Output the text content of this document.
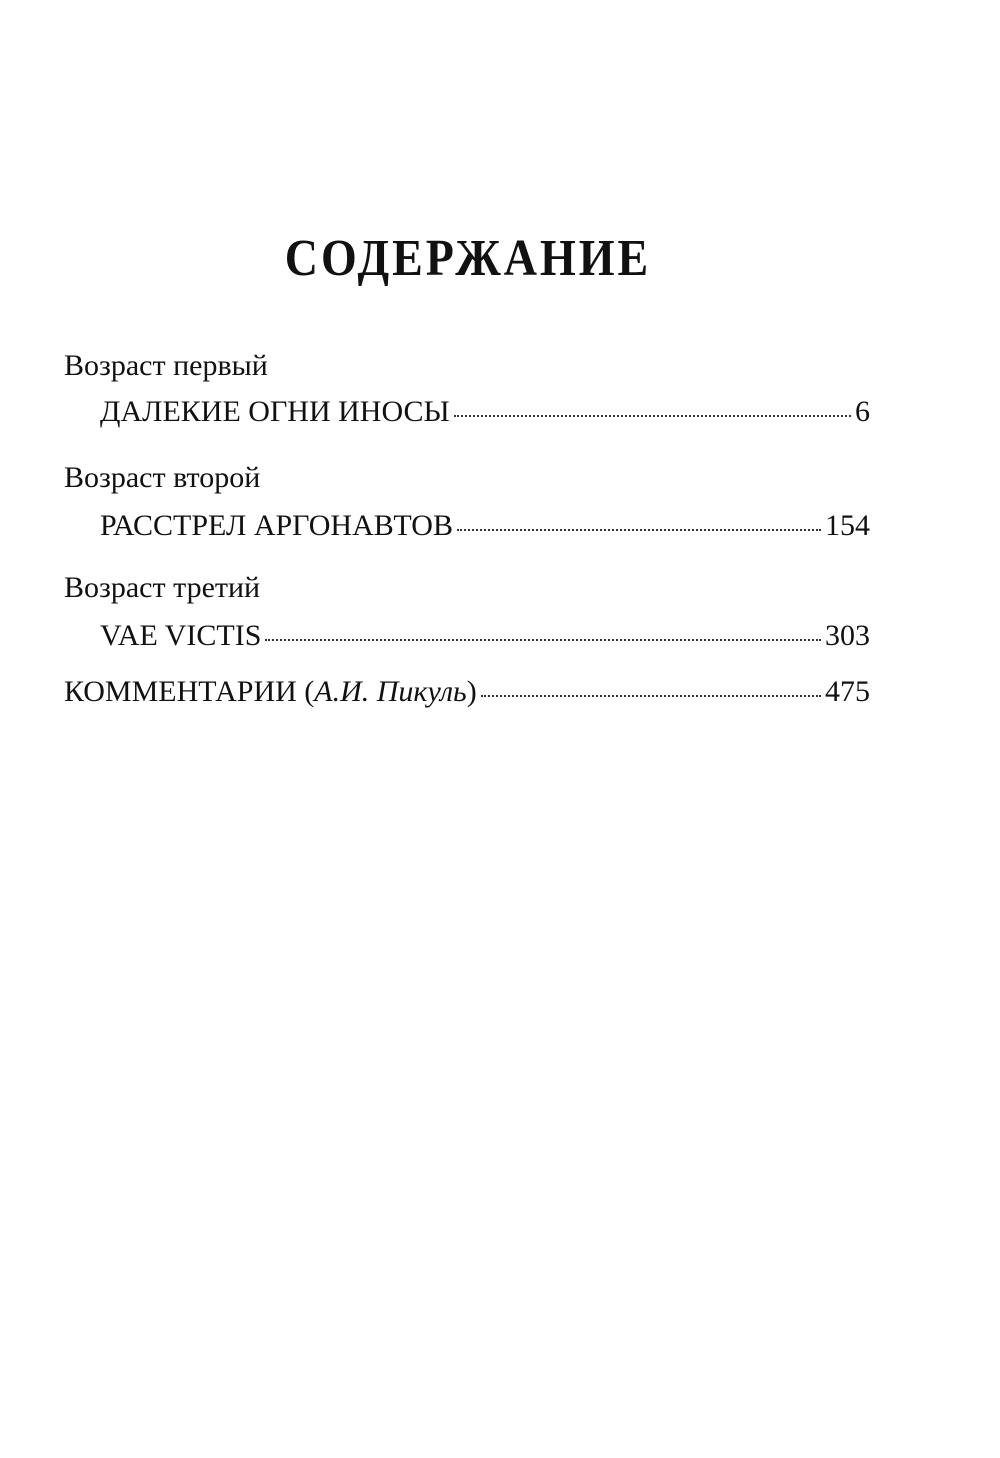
СОДЕРЖАНИЕ
Возраст первый
ДАЛЕКИЕ ОГНИ ИНОСЫ	6
Возраст второй
РАССТРЕЛ АРГОНАВТОВ	154
Возраст третий
VAE VICTIS	303
КОММЕНТАРИИ (А.И. Пикуль)	475
